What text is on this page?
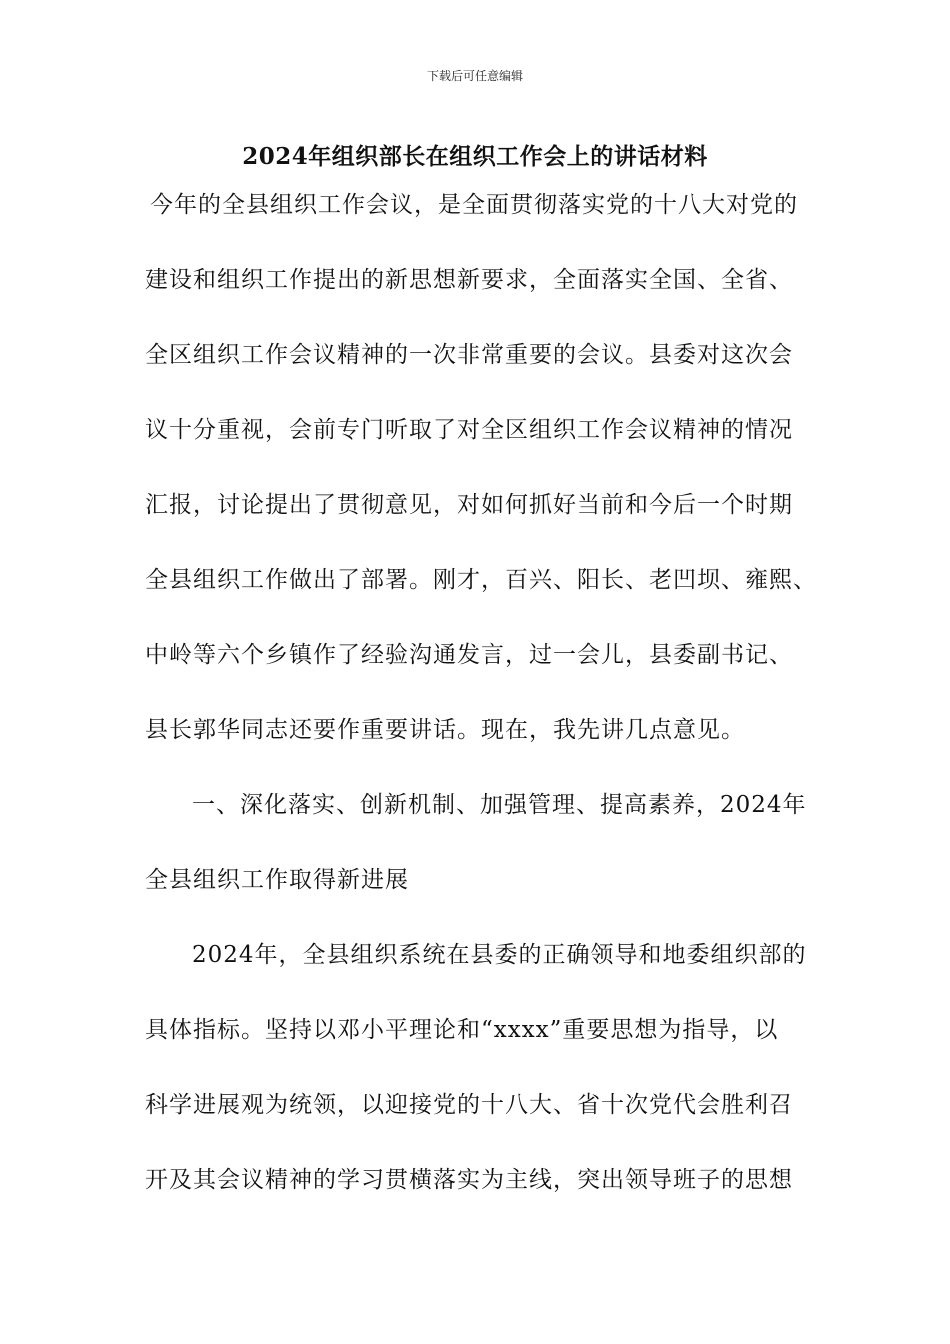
下载后可任意编辑
2024年组织部长在组织工作会上的讲话材料
今年的全县组织工作会议，是全面贯彻落实党的十八大对党的
建设和组织工作提出的新思想新要求，全面落实全国、全省、
全区组织工作会议精神的一次非常重要的会议。县委对这次会
议十分重视，会前专门听取了对全区组织工作会议精神的情况
汇报，讨论提出了贯彻意见，对如何抓好当前和今后一个时期
全县组织工作做出了部署。刚才，百兴、阳长、老凹坝、雍熙、
中岭等六个乡镇作了经验沟通发言，过一会儿，县委副书记、
县长郭华同志还要作重要讲话。现在，我先讲几点意见。
一、深化落实、创新机制、加强管理、提高素养，2024年
全县组织工作取得新进展
2024年，全县组织系统在县委的正确领导和地委组织部的
具体指标。坚持以邓小平理论和“xxxx”重要思想为指导，以
科学进展观为统领，以迎接党的十八大、省十次党代会胜利召
开及其会议精神的学习贯横落实为主线，突出领导班子的思想
